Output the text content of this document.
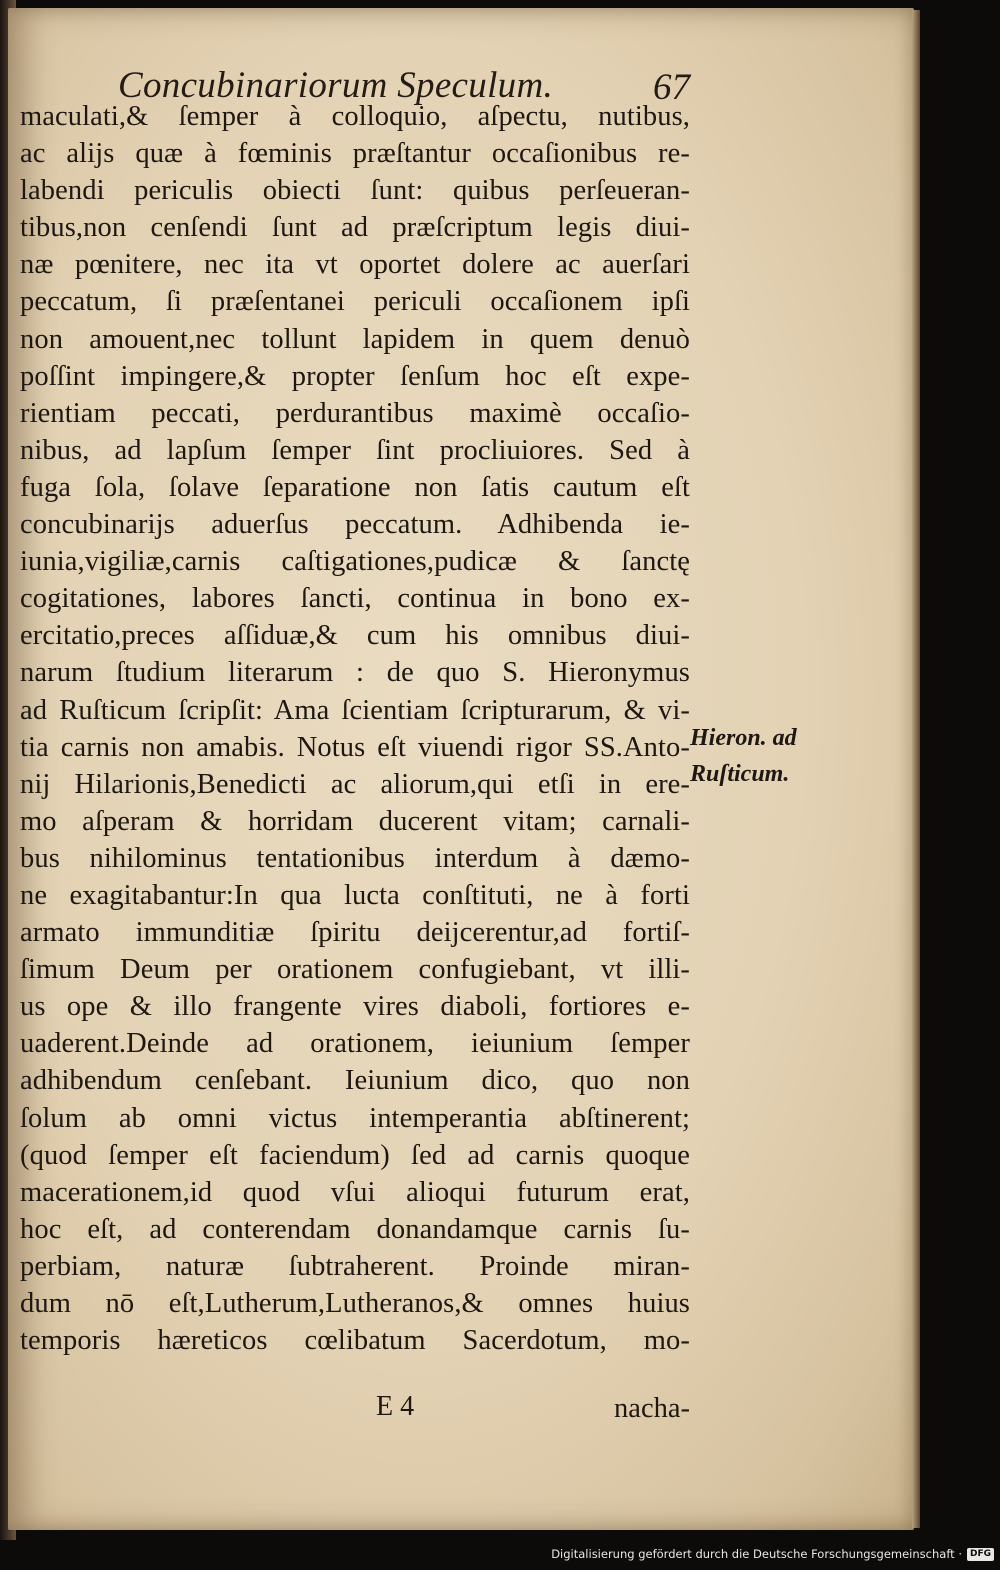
Concubinariorum Speculum.	67
maculati,& ſemper à colloquio, aſpectu, nutibus,
ac alijs quæ à fœminis præſtantur occaſionibus re-
labendi periculis obiecti ſunt: quibus perſeueran-
tibus,non cenſendi ſunt ad præſcriptum legis diui-
næ pœnitere, nec ita vt oportet dolere ac auerſari
peccatum, ſi præſentanei periculi occaſionem ipſi
non amouent,nec tollunt lapidem in quem denuò
poſſint impingere,& propter ſenſum hoc eſt expe-
rientiam peccati, perdurantibus maximè occaſio-
nibus, ad lapſum ſemper ſint procliuiores. Sed à
fuga ſola, ſolave ſeparatione non ſatis cautum eſt
concubinarijs aduerſus peccatum. Adhibenda ie-
iunia,vigiliæ,carnis caſtigationes,pudicæ & ſanctę
cogitationes, labores ſancti, continua in bono ex-
ercitatio,preces aſſiduæ,& cum his omnibus diui-
narum ſtudium literarum : de quo S. Hieronymus
ad Ruſticum ſcripſit: Ama ſcientiam ſcripturarum, & vi-
tia carnis non amabis. Notus eſt viuendi rigor SS.Anto-
nij Hilarionis,Benedicti ac aliorum,qui etſi in ere-
mo aſperam & horridam ducerent vitam; carnali-
bus nihilominus tentationibus interdum à dæmo-
ne exagitabantur:In qua lucta conſtituti, ne à forti
armato immunditiæ ſpiritu deijcerentur,ad fortiſ-
ſimum Deum per orationem confugiebant, vt illi-
us ope & illo frangente vires diaboli, fortiores e-
uaderent.Deinde ad orationem, ieiunium ſemper
adhibendum cenſebant. Ieiunium dico, quo non
ſolum ab omni victus intemperantia abſtinerent;
(quod ſemper eſt faciendum) ſed ad carnis quoque
macerationem,id quod vſui alioqui futurum erat,
hoc eſt, ad conterendam donandamque carnis ſu-
perbiam, naturæ ſubtraherent. Proinde miran-
dum nō eſt,Lutherum,Lutheranos,& omnes huius
temporis hæreticos cœlibatum Sacerdotum, mo-
Hieron. ad
Ruſticum.
E 4	nacha-
Digitalisierung gefördert durch die Deutsche Forschungsgemeinschaft · DFG
